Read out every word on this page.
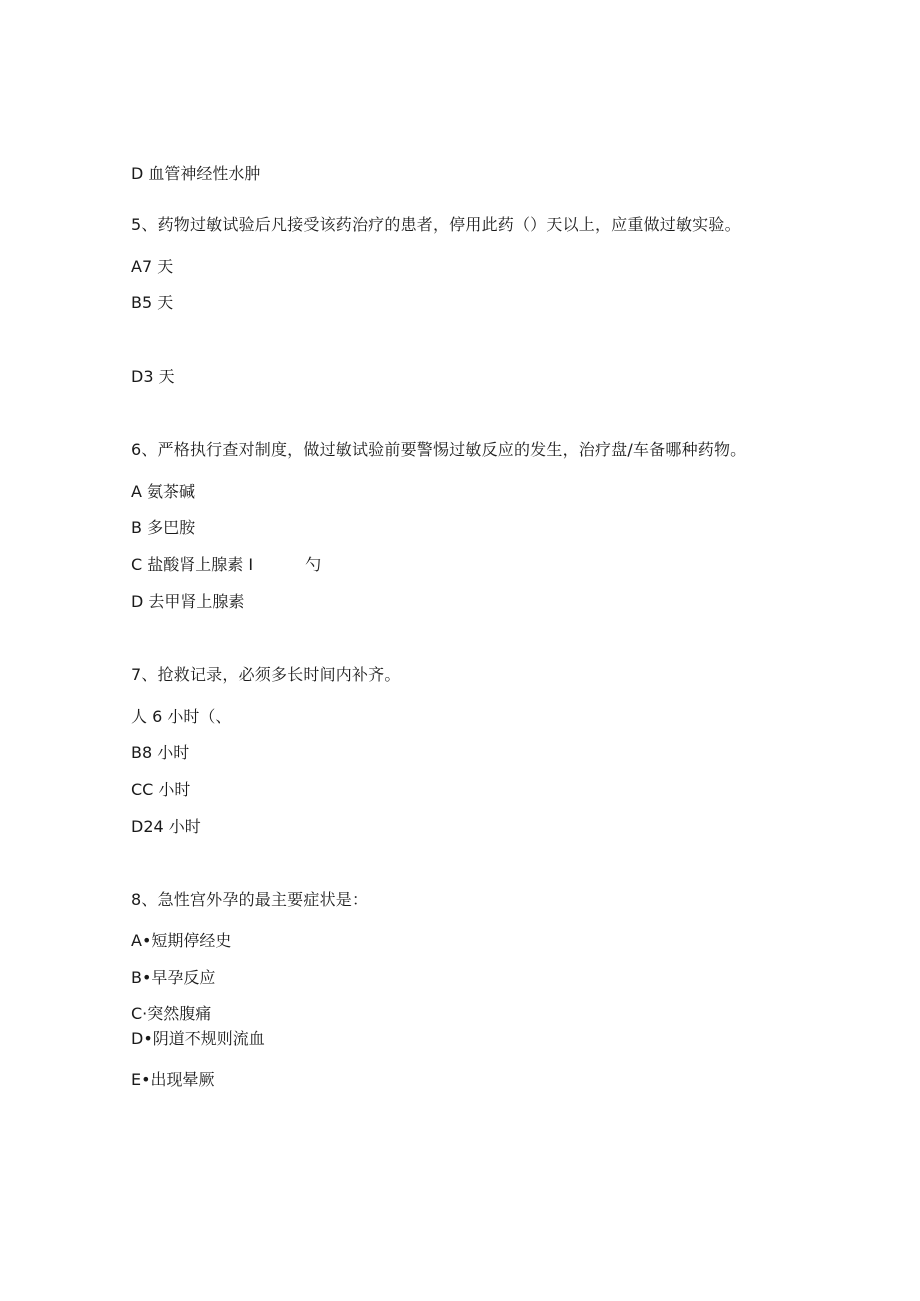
D 血管神经性水肿
5、药物过敏试验后凡接受该药治疗的患者，停用此药（）天以上，应重做过敏实验。
A7 天
B5 天
D3 天
6、严格执行查对制度，做过敏试验前要警惕过敏反应的发生，治疗盘/车备哪种药物。
A 氨茶碱
B 多巴胺
C 盐酸肾上腺素 I	勺
D 去甲肾上腺素
7、抢救记录，必须多长时间内补齐。
人 6 小时（、
B8 小时
CC 小时
D24 小时
8、急性宫外孕的最主要症状是：
A•短期停经史
B•早孕反应
C·突然腹痛
D•阴道不规则流血
E•出现晕厥
